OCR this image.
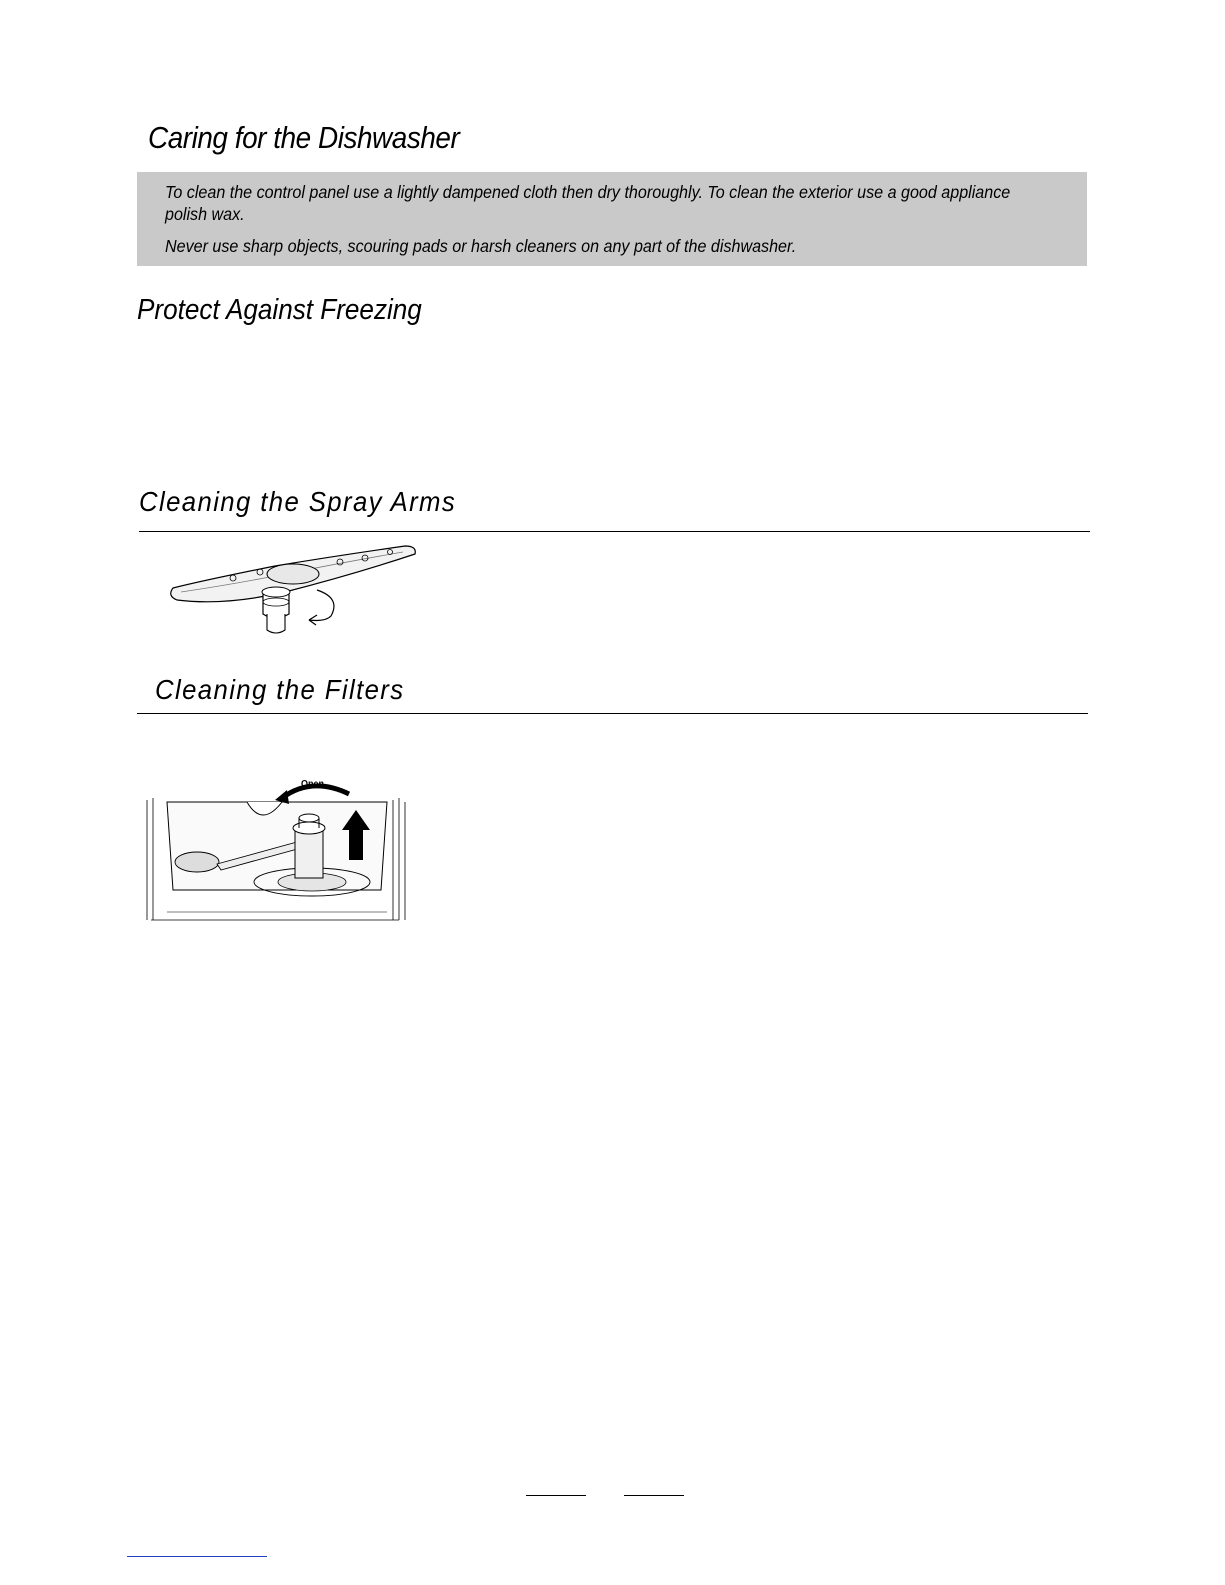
Caring for the Dishwasher

To clean the control panel use a lightly dampened cloth then dry thoroughly. To clean the exterior use a good appliance polish wax.

Never use sharp objects, scouring pads or harsh cleaners on any part of the dishwasher.

Protect Against Freezing
Cleaning the Spray Arms
Cleaning the Filters
Open
